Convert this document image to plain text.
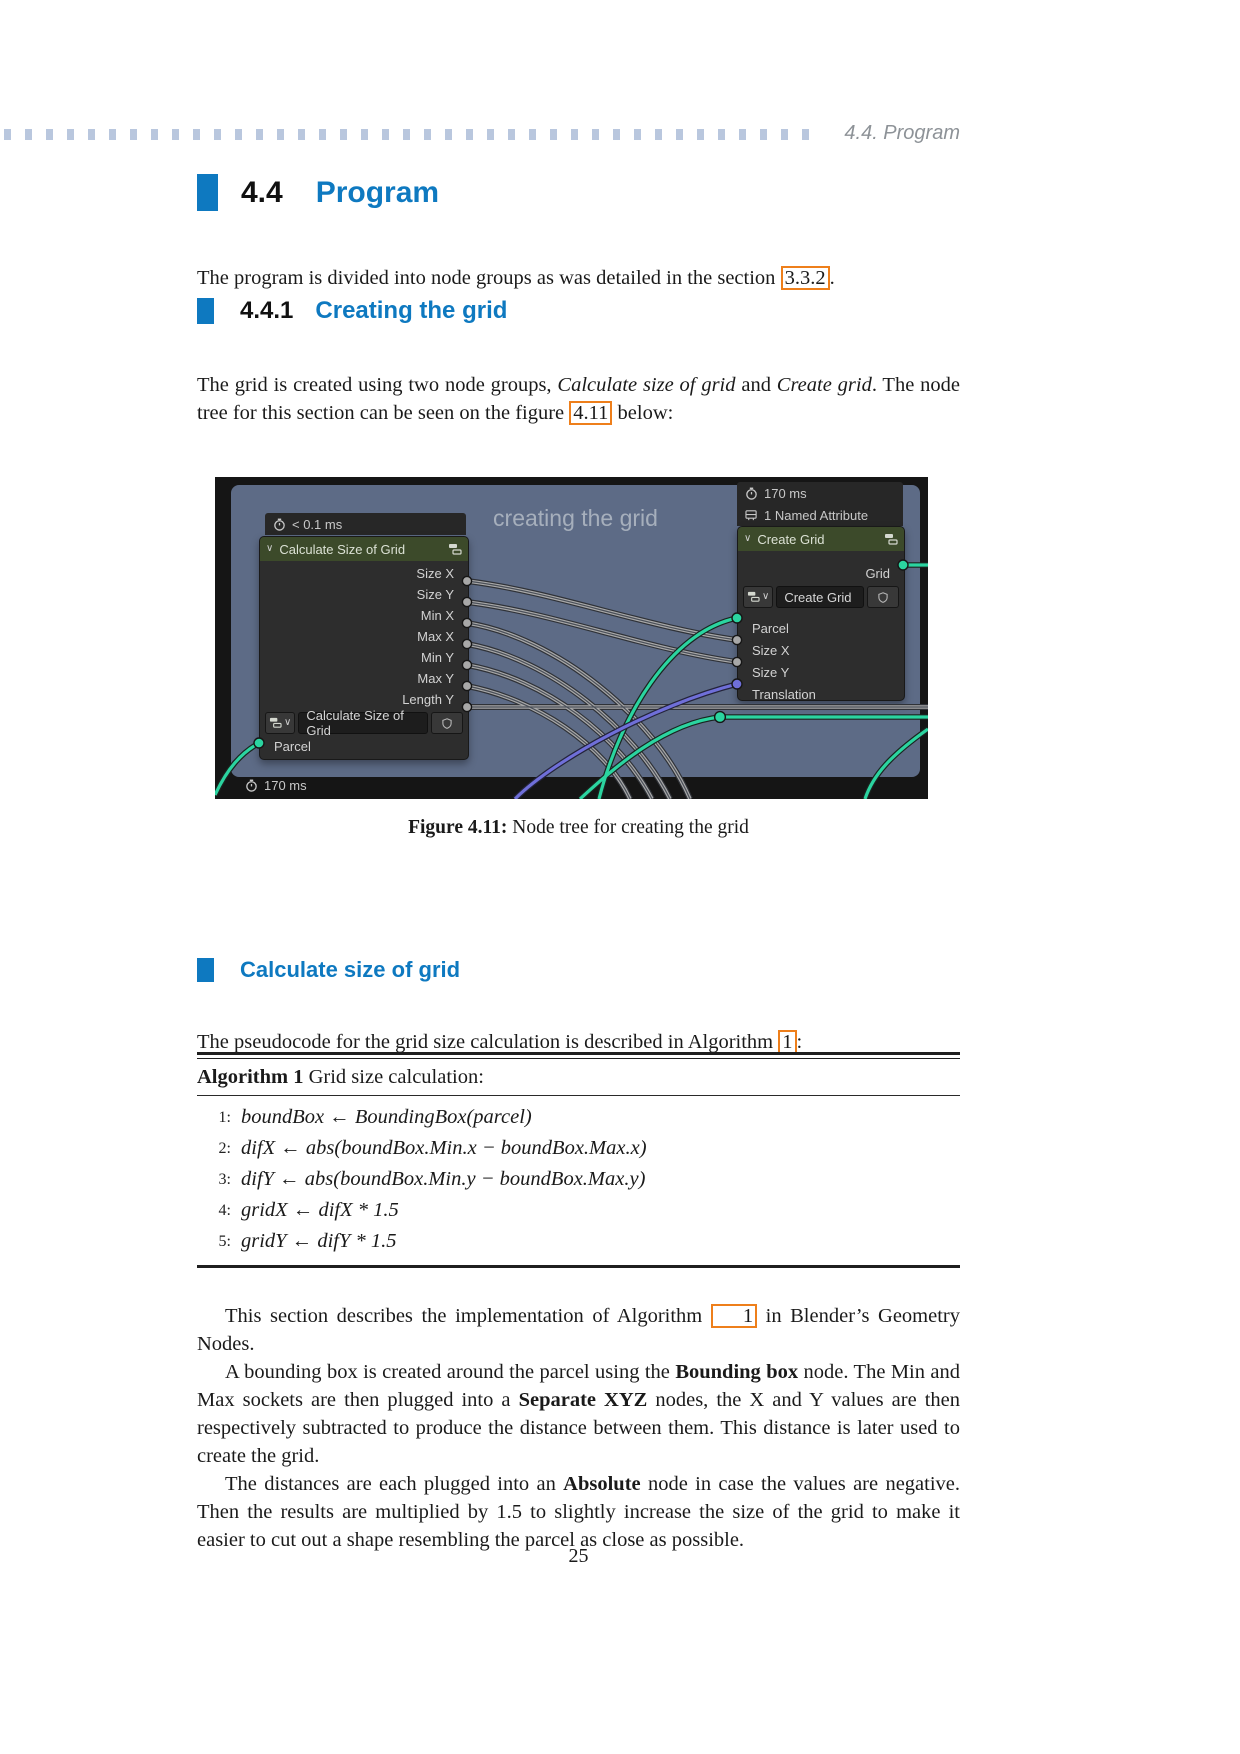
4.4. Program
4.4 Program

The program is divided into node groups as was detailed in the section 3.3.2 .

4.4.1 Creating the grid

The grid is created using two node groups, Calculate size of grid and Create grid. The node tree for this section can be seen on the figure 4.11 below:

creating the grid
< 0.1 ms
∨ Calculate Size of Grid
Size X
Size Y
Min X
Max X
Min Y
Max Y
Length Y
∨	Calculate Size of Grid
Parcel
170 ms
1 Named Attribute
∨ Create Grid
Grid
∨	Create Grid
Parcel
Size X
Size Y
Translation
170 ms
Figure 4.11: Node tree for creating the grid
Calculate size of grid

The pseudocode for the grid size calculation is described in Algorithm 1 :

Algorithm 1 Grid size calculation:
1: boundBox ← BoundingBox(parcel)
2: difX ← abs(boundBox.Min.x − boundBox.Max.x)
3: difY ← abs(boundBox.Min.y − boundBox.Max.y)
4: gridX ← difX * 1.5
5: gridY ← difY * 1.5

This section describes the implementation of Algorithm 1 in Blender’s Geometry Nodes.

A bounding box is created around the parcel using the Bounding box node. The Min and Max sockets are then plugged into a Separate XYZ nodes, the X and Y values are then respectively subtracted to produce the distance between them. This distance is later used to create the grid.

The distances are each plugged into an Absolute node in case the values are negative. Then the results are multiplied by 1.5 to slightly increase the size of the grid to make it easier to cut out a shape resembling the parcel as close as possible.

25
